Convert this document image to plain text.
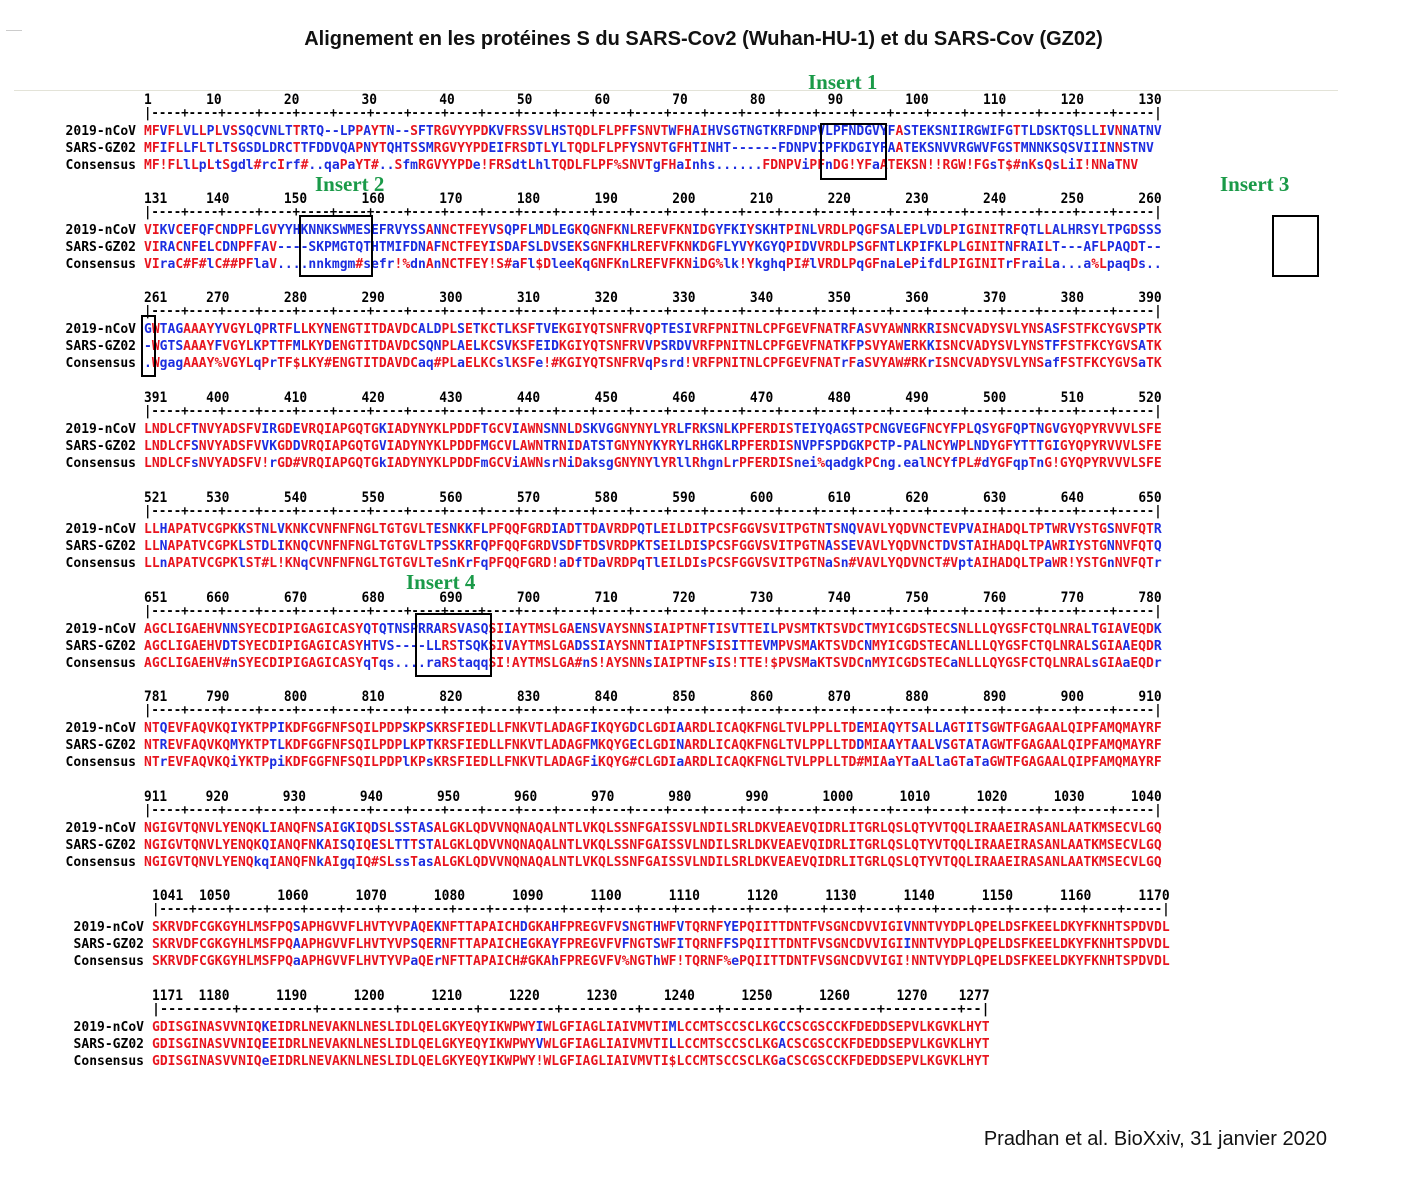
Alignement en les protéines S du SARS-Cov2 (Wuhan-HU-1) et du SARS-Cov (GZ02)
1       10        20        30        40        50        60        70        80        90        100       110       120       130
|----+----+----+----+----+----+----+----+----+----+----+----+----+----+----+----+----+----+----+----+----+----+----+----+----+----+-----|
2019-nCoV MFVFLVLLPLVSSQCVNLTTRTQ--LPPAYTN--SFTRGVYYPDKVFRSSVLHSTQDLFLPFFSNVTWFHAIHVSGTNGTKRFDNPVLPFNDGVYFASTEKSNIIRGWIFGTTLDSKTQSLLIVNNATNV
SARS-GZ02 MFIFLLFLTLTSGSDLDRCTTFDDVQAPNYTQHTSSMRGVYYPDEIFRSDTLYLTQDLFLPFYSNVTGFHTINHT------FDNPVIPFKDGIYFAATEKSNVVRGWVFGSTMNNKSQSVIIINNSTNV
Consensus MF!FLlLpLtSgdl#rcIrf#..qaPaYT#..SfmRGVYYPDe!FRSdtLhlTQDLFLPF%SNVTgFHaInhs......FDNPViPFnDG!YFaATEKSN!!RGW!FGsT$#nKsQsLiI!NNaTNV
131     140       150       160       170       180       190       200       210       220       230       240       250       260
|----+----+----+----+----+----+----+----+----+----+----+----+----+----+----+----+----+----+----+----+----+----+----+----+----+----+-----|
2019-nCoV VIKVCEFQFCNDPFLGVYYHKNNKSWMESEFRVYSSANNCTFEYVSQPFLMDLEGKQGNFKNLREFVFKNIDGYFKIYSKHTPINLVRDLPQGFSALEPLVDLPIGINITRFQTLLALHRSYLTPGDSSS
SARS-GZ02 VIRACNFELCDNPFFAV----SKPMGTQTHTMIFDNAFNCTFEYISDAFSLDVSEKSGNFKHLREFVFKNKDGFLYVYKGYQPIDVVRDLPSGFNTLKPIFKLPLGINITNFRAILT---AFLPAQDT--
Consensus VIraC#F#lC##PFlaV....nnkmgm#sefr!%dnAnNCTFEY!S#aFl$DleeKqGNFKnLREFVFKNiDG%lk!YkghqPI#lVRDLPqGFnaLePifdLPIGINITrFraiLa...a%LpaqDs..
261     270       280       290       300       310       320       330       340       350       360       370       380       390
|----+----+----+----+----+----+----+----+----+----+----+----+----+----+----+----+----+----+----+----+----+----+----+----+----+----+-----|
2019-nCoV GWTAGAAAYYVGYLQPRTFLLKYNENGTITDAVDCALDPLSETKCTLKSFTVEKGIYQTSNFRVQPTESIVRFPNITNLCPFGEVFNATRFASVYAWNRKRISNCVADYSVLYNSASFSTFKCYGVSPTK
SARS-GZ02 -WGTSAAAYFVGYLKPTTFMLKYDENGTITDAVDCSQNPLAELKCSVKSFEIDKGIYQTSNFRVVPSRDVVRFPNITNLCPFGEVFNATKFPSVYAWERKKISNCVADYSVLYNSTFFSTFKCYGVSATK
Consensus .WgagAAAY%VGYLqPrTF$LKY#ENGTITDAVDCaq#PLaELKCslKSFe!#KGIYQTSNFRVqPsrd!VRFPNITNLCPFGEVFNATrFaSVYAW#RKrISNCVADYSVLYNSafFSTFKCYGVSaTK
391     400       410       420       430       440       450       460       470       480       490       500       510       520
|----+----+----+----+----+----+----+----+----+----+----+----+----+----+----+----+----+----+----+----+----+----+----+----+----+----+-----|
2019-nCoV LNDLCFTNVYADSFVIRGDEVRQIAPGQTGKIADYNYKLPDDFTGCVIAWNSNNLDSKVGGNYNYLYRLFRKSNLKPFERDISTEIYQAGSTPCNGVEGFNCYFPLQSYGFQPTNGVGYQPYRVVVLSFE
SARS-GZ02 LNDLCFSNVYADSFVVKGDDVRQIAPGQTGVIADYNYKLPDDFMGCVLAWNTRNIDATSTGNYNYKYRYLRHGKLRPFERDISNVPFSPDGKPCTP-PALNCYWPLNDYGFYTTTGIGYQPYRVVVLSFE
Consensus LNDLCFsNVYADSFV!rGD#VRQIAPGQTGkIADYNYKLPDDFmGCViAWNsrNiDaksgGNYNYlYRllRhgnLrPFERDISnei%qadgkPCng.ealNCYfPL#dYGFqpTnG!GYQPYRVVVLSFE
521     530       540       550       560       570       580       590       600       610       620       630       640       650
|----+----+----+----+----+----+----+----+----+----+----+----+----+----+----+----+----+----+----+----+----+----+----+----+----+----+-----|
2019-nCoV LLHAPATVCGPKKSTNLVKNKCVNFNFNGLTGTGVLTESNKKFLPFQQFGRDIADTTDAVRDPQTLEILDITPCSFGGVSVITPGTNTSNQVAVLYQDVNCTEVPVAIHADQLTPTWRVYSTGSNVFQTR
SARS-GZ02 LLNAPATVCGPKLSTDLIKNQCVNFNFNGLTGTGVLTPSSKRFQPFQQFGRDVSDFTDSVRDPKTSEILDISPCSFGGVSVITPGTNASSEVAVLYQDVNCTDVSTAIHADQLTPAWRIYSTGNNVFQTQ
Consensus LLnAPATVCGPKlST#L!KNqCVNFNFNGLTGTGVLTeSnKrFqPFQQFGRD!aDfTDaVRDPqTlEILDIsPCSFGGVSVITPGTNaSn#VAVLYQDVNCT#VptAIHADQLTPaWR!YSTGnNVFQTr
651     660       670       680       690       700       710       720       730       740       750       760       770       780
|----+----+----+----+----+----+----+----+----+----+----+----+----+----+----+----+----+----+----+----+----+----+----+----+----+----+-----|
2019-nCoV AGCLIGAEHVNNSYECDIPIGAGICASYQTQTNSPRRARSVASQSIIAYTMSLGAENSVAYSNNSIAIPTNFTISVTTEILPVSMTKTSVDCTMYICGDSTECSNLLLQYGSFCTQLNRALTGIAVEQDK
SARS-GZ02 AGCLIGAEHVDTSYECDIPIGAGICASYHTVS----LLRSTSQKSIVAYTMSLGADSSIAYSNNTIAIPTNFSISITTEVMPVSMAKTSVDCNMYICGDSTECANLLLQYGSFCTQLNRALSGIAAEQDR
Consensus AGCLIGAEHV#nSYECDIPIGAGICASYqTqs....raRStaqqSI!AYTMSLGA#nS!AYSNNsIAIPTNFsIS!TTE!$PVSMaKTSVDCnMYICGDSTECaNLLLQYGSFCTQLNRALsGIAaEQDr
781     790       800       810       820       830       840       850       860       870       880       890       900       910
|----+----+----+----+----+----+----+----+----+----+----+----+----+----+----+----+----+----+----+----+----+----+----+----+----+----+-----|
2019-nCoV NTQEVFAQVKQIYKTPPIKDFGGFNFSQILPDPSKPSKRSFIEDLLFNKVTLADAGFIKQYGDCLGDIAARDLICAQKFNGLTVLPPLLTDEMIAQYTSALLAGTITSGWTFGAGAALQIPFAMQMAYRF
SARS-GZ02 NTREVFAQVKQMYKTPTLKDFGGFNFSQILPDPLKPTKRSFIEDLLFNKVTLADAGFMKQYGECLGDINARDLICAQKFNGLTVLPPLLTDDMIAAYTAALVSGTATAGWTFGAGAALQIPFAMQMAYRF
Consensus NTrEVFAQVKQiYKTPpiKDFGGFNFSQILPDPlKPsKRSFIEDLLFNKVTLADAGFiKQYG#CLGDIaARDLICAQKFNGLTVLPPLLTD#MIAaYTaALlaGTaTaGWTFGAGAALQIPFAMQMAYRF
911     920       930       940       950       960       970       980       990       1000      1010      1020      1030      1040
|----+----+----+----+----+----+----+----+----+----+----+----+----+----+----+----+----+----+----+----+----+----+----+----+----+----+-----|
2019-nCoV NGIGVTQNVLYENQKLIANQFNSAIGKIQDSLSSTASALGKLQDVVNQNAQALNTLVKQLSSNFGAISSVLNDILSRLDKVEAEVQIDRLITGRLQSLQTYVTQQLIRAAEIRASANLAATKMSECVLGQ
SARS-GZ02 NGIGVTQNVLYENQKQIANQFNKAISQIQESLTTTSTALGKLQDVVNQNAQALNTLVKQLSSNFGAISSVLNDILSRLDKVEAEVQIDRLITGRLQSLQTYVTQQLIRAAEIRASANLAATKMSECVLGQ
Consensus NGIGVTQNVLYENQkqIANQFNkAIgqIQ#SLssTasALGKLQDVVNQNAQALNTLVKQLSSNFGAISSVLNDILSRLDKVEAEVQIDRLITGRLQSLQTYVTQQLIRAAEIRASANLAATKMSECVLGQ
1041  1050      1060      1070      1080      1090      1100      1110      1120      1130      1140      1150      1160      1170
|----+----+----+----+----+----+----+----+----+----+----+----+----+----+----+----+----+----+----+----+----+----+----+----+----+----+-----|
2019-nCoV SKRVDFCGKGYHLMSFPQSAPHGVVFLHVTYVPAQEKNFTTAPAICHDGKAHFPREGVFVSNGTHWFVTQRNFYEPQIITTDNTFVSGNCDVVIGIVNNTVYDPLQPELDSFKEELDKYFKNHTSPDVDL
SARS-GZ02 SKRVDFCGKGYHLMSFPQAAPHGVVFLHVTYVPSQERNFTTAPAICHEGKAYFPREGVFVFNGTSWFITQRNFFSPQIITTDNTFVSGNCDVVIGIINNTVYDPLQPELDSFKEELDKYFKNHTSPDVDL
Consensus SKRVDFCGKGYHLMSFPQaAPHGVVFLHVTYVPaQErNFTTAPAICH#GKAhFPREGVFV%NGThWF!TQRNF%ePQIITTDNTFVSGNCDVVIGI!NNTVYDPLQPELDSFKEELDKYFKNHTSPDVDL
1171  1180      1190      1200      1210      1220      1230      1240      1250      1260      1270    1277
|---------+---------+---------+---------+---------+---------+---------+---------+---------+---------+--|
2019-nCoV GDISGINASVVNIQKEIDRLNEVAKNLNESLIDLQELGKYEQYIKWPWYIWLGFIAGLIAIVMVTIMLCCMTSCCSCLKGCCSCGSCCKFDEDDSEPVLKGVKLHYT
SARS-GZ02 GDISGINASVVNIQEEIDRLNEVAKNLNESLIDLQELGKYEQYIKWPWYVWLGFIAGLIAIVMVTILLCCMTSCCSCLKGACSCGSCCKFDEDDSEPVLKGVKLHYT
Consensus GDISGINASVVNIQeEIDRLNEVAKNLNESLIDLQELGKYEQYIKWPWY!WLGFIAGLIAIVMVTI$LCCMTSCCSCLKGaCSCGSCCKFDEDDSEPVLKGVKLHYT
Pradhan et al. BioXxiv, 31 janvier 2020
Insert 1
Insert 2	Insert 3
Insert 4
